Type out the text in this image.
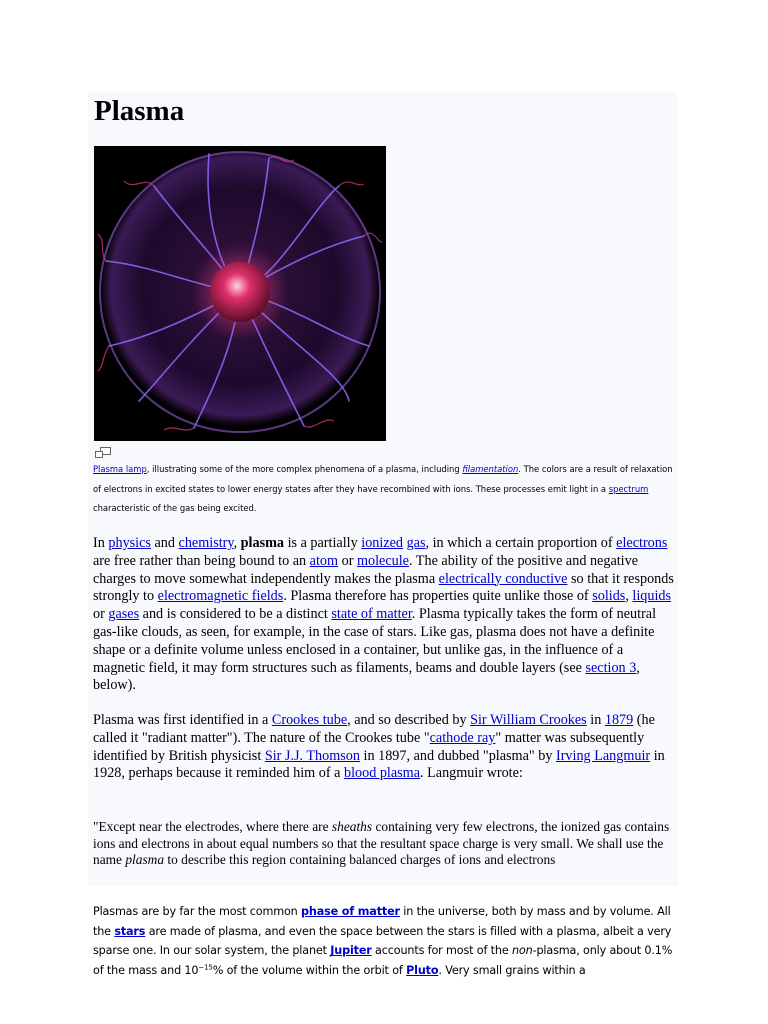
Plasma

Plasma lamp, illustrating some of the more complex phenomena of a plasma, including filamentation. The colors are a result of relaxation of electrons in excited states to lower energy states after they have recombined with ions. These processes emit light in a spectrum characteristic of the gas being excited.

In physics and chemistry, plasma is a partially ionized gas, in which a certain proportion of electrons are free rather than being bound to an atom or molecule. The ability of the positive and negative charges to move somewhat independently makes the plasma electrically conductive so that it responds strongly to electromagnetic fields. Plasma therefore has properties quite unlike those of solids, liquids or gases and is considered to be a distinct state of matter. Plasma typically takes the form of neutral gas-like clouds, as seen, for example, in the case of stars. Like gas, plasma does not have a definite shape or a definite volume unless enclosed in a container, but unlike gas, in the influence of a magnetic field, it may form structures such as filaments, beams and double layers (see section 3, below).

Plasma was first identified in a Crookes tube, and so described by Sir William Crookes in 1879 (he called it "radiant matter"). The nature of the Crookes tube "cathode ray" matter was subsequently identified by British physicist Sir J.J. Thomson in 1897, and dubbed "plasma" by Irving Langmuir in 1928, perhaps because it reminded him of a blood plasma. Langmuir wrote:

"Except near the electrodes, where there are sheaths containing very few electrons, the ionized gas contains ions and electrons in about equal numbers so that the resultant space charge is very small. We shall use the name plasma to describe this region containing balanced charges of ions and electrons

Plasmas are by far the most common phase of matter in the universe, both by mass and by volume. All the stars are made of plasma, and even the space between the stars is filled with a plasma, albeit a very sparse one. In our solar system, the planet Jupiter accounts for most of the non-plasma, only about 0.1% of the mass and $10^{-15}\%$ of the volume within the orbit of Pluto. Very small grains within a
